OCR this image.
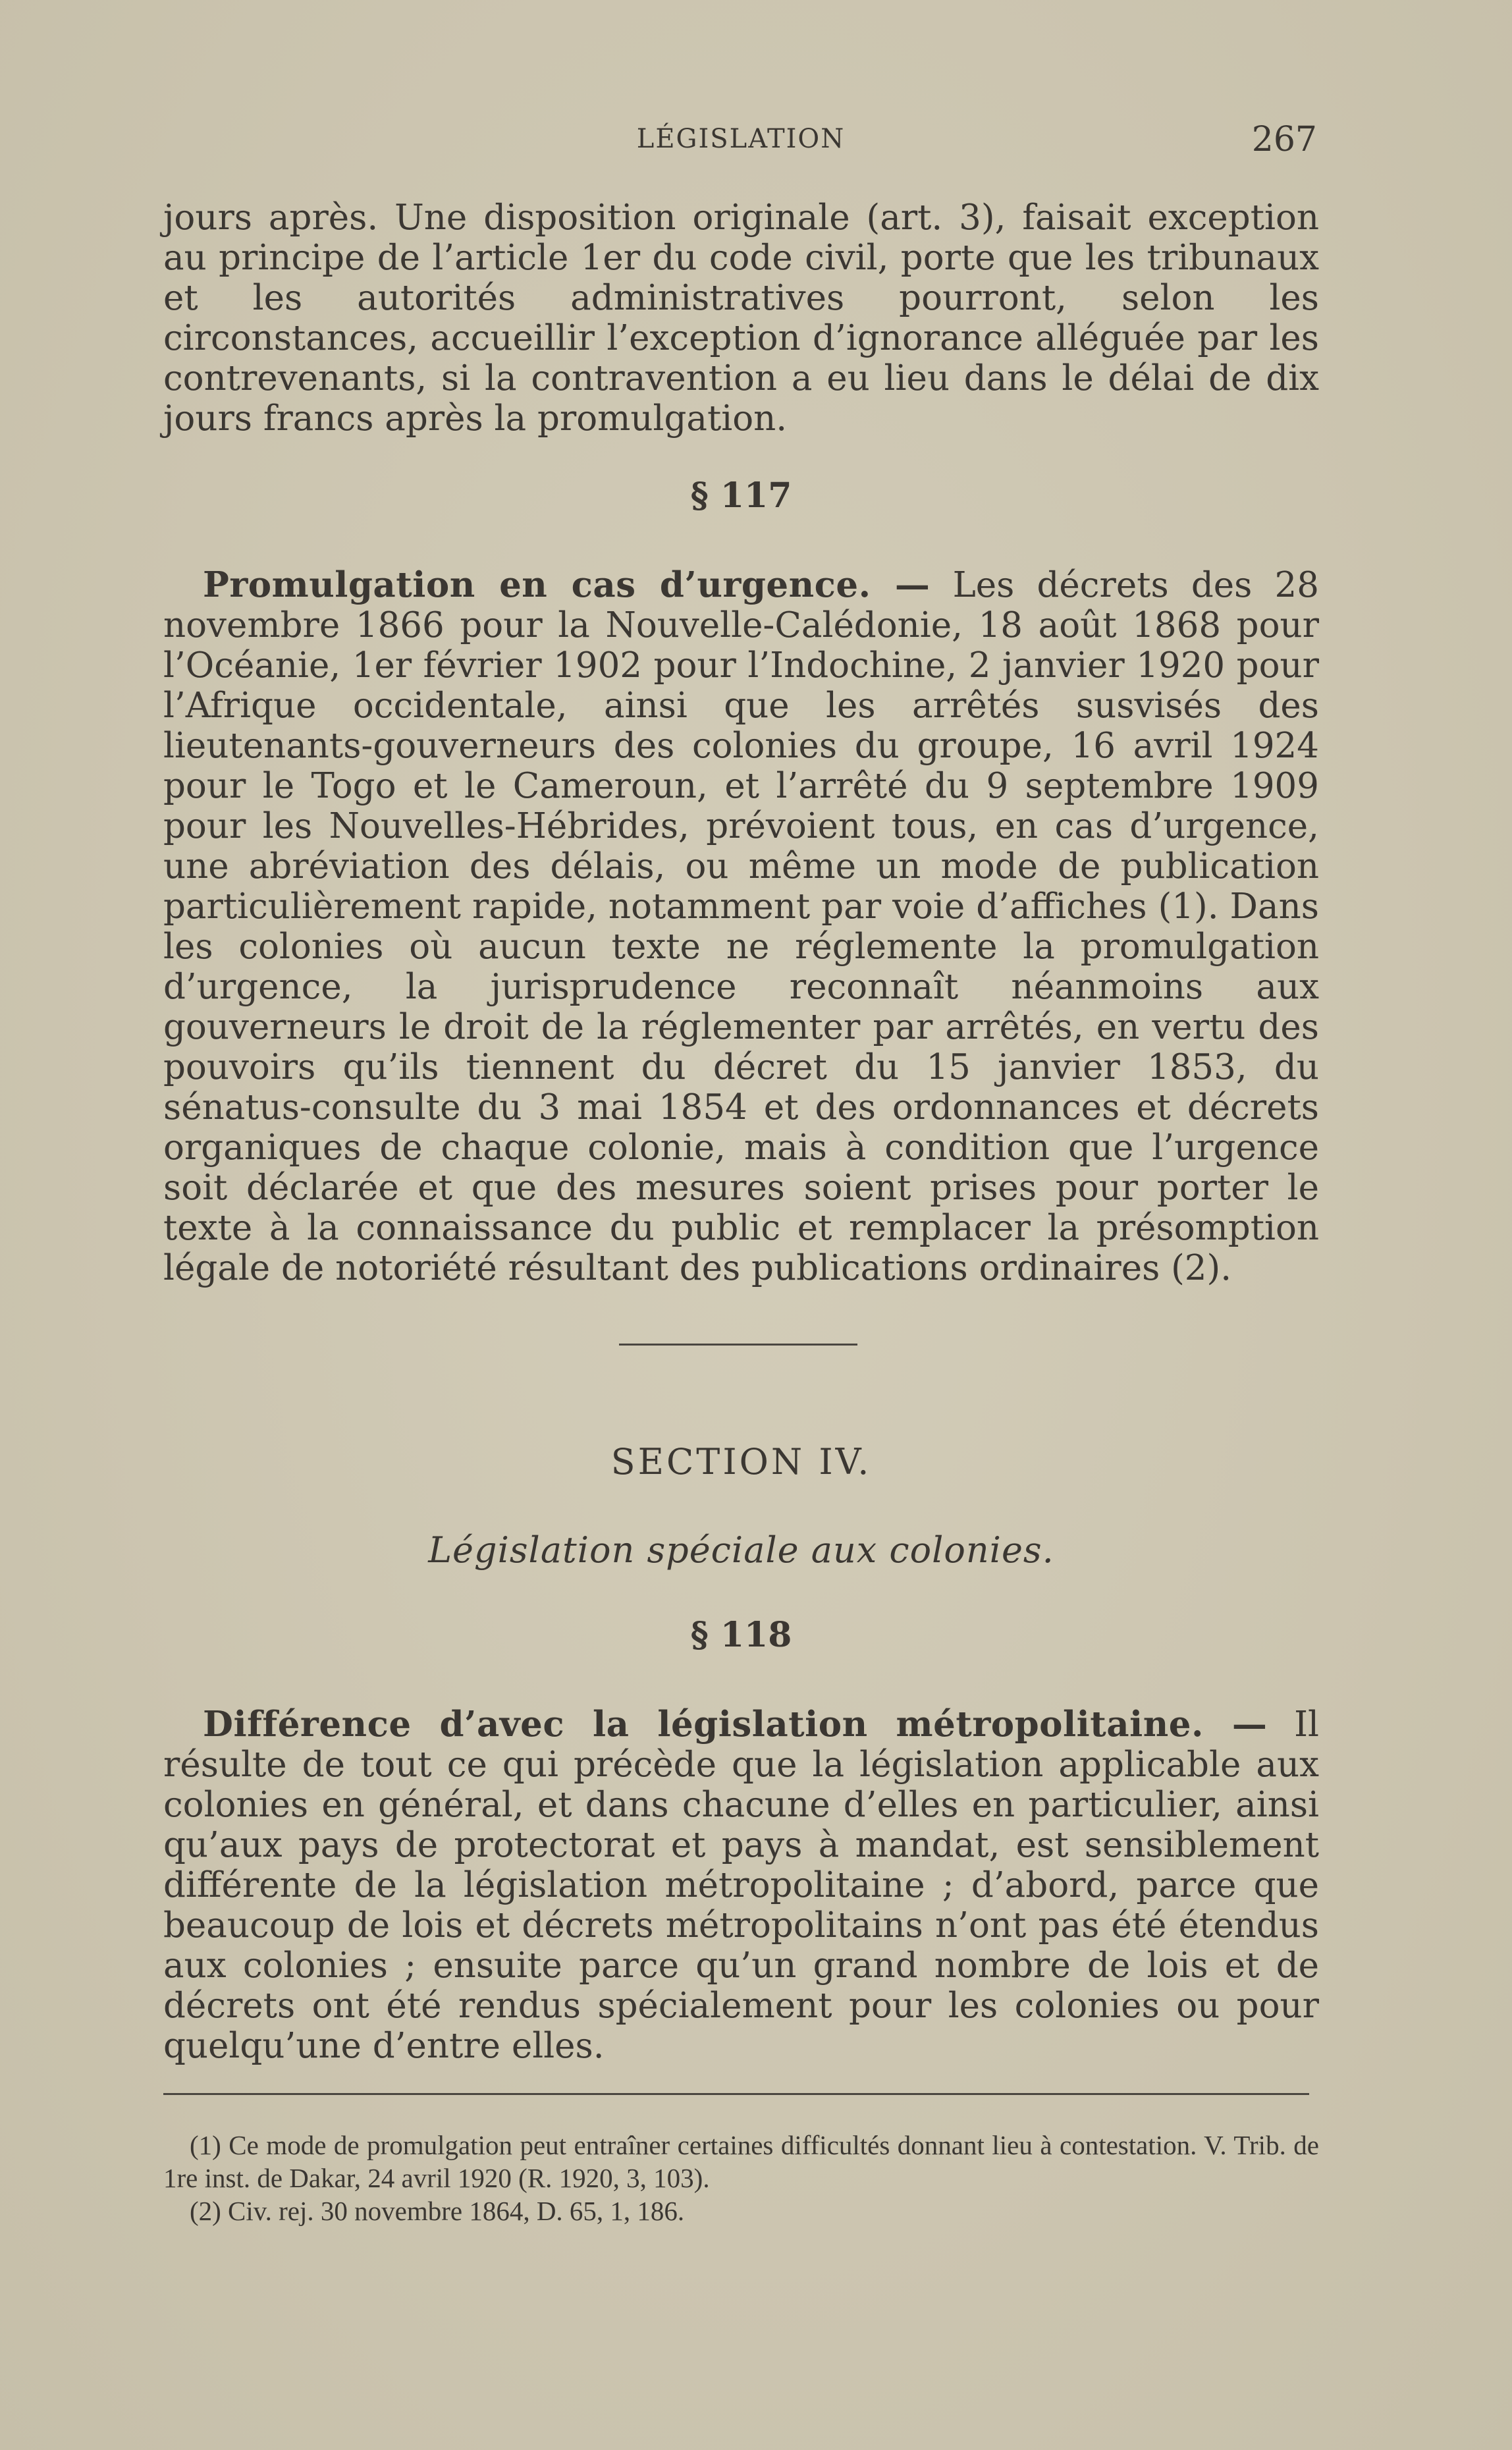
LÉGISLATION	267

jours après. Une disposition originale (art. 3), faisait exception au principe de l’article 1er du code civil, porte que les tribunaux et les autorités administratives pourront, selon les circonstances, accueillir l’exception d’ignorance alléguée par les contrevenants, si la contravention a eu lieu dans le délai de dix jours francs après la promulgation.

§ 117

Promulgation en cas d’urgence. — Les décrets des 28 novembre 1866 pour la Nouvelle-Calédonie, 18 août 1868 pour l’Océanie, 1er février 1902 pour l’Indochine, 2 janvier 1920 pour l’Afrique occidentale, ainsi que les arrêtés susvisés des lieutenants-gouverneurs des colonies du groupe, 16 avril 1924 pour le Togo et le Cameroun, et l’arrêté du 9 septembre 1909 pour les Nouvelles-Hébrides, prévoient tous, en cas d’urgence, une abréviation des délais, ou même un mode de publication particulièrement rapide, notamment par voie d’affiches (1). Dans les colonies où aucun texte ne réglemente la promulgation d’urgence, la jurisprudence reconnaît néanmoins aux gouverneurs le droit de la réglementer par arrêtés, en vertu des pouvoirs qu’ils tiennent du décret du 15 janvier 1853, du sénatus-consulte du 3 mai 1854 et des ordonnances et décrets organiques de chaque colonie, mais à condition que l’urgence soit déclarée et que des mesures soient prises pour porter le texte à la connaissance du public et remplacer la présomption légale de notoriété résultant des publications ordinaires (2).

SECTION IV.
Législation spéciale aux colonies.
§ 118

Différence d’avec la législation métropolitaine. — Il résulte de tout ce qui précède que la législation applicable aux colonies en général, et dans chacune d’elles en particulier, ainsi qu’aux pays de protectorat et pays à mandat, est sensiblement différente de la législation métropolitaine ; d’abord, parce que beaucoup de lois et décrets métropolitains n’ont pas été étendus aux colonies ; ensuite parce qu’un grand nombre de lois et de décrets ont été rendus spécialement pour les colonies ou pour quelqu’une d’entre elles.

(1) Ce mode de promulgation peut entraîner certaines difficultés donnant lieu à contestation. V. Trib. de 1re inst. de Dakar, 24 avril 1920 (R. 1920, 3, 103).

(2) Civ. rej. 30 novembre 1864, D. 65, 1, 186.
